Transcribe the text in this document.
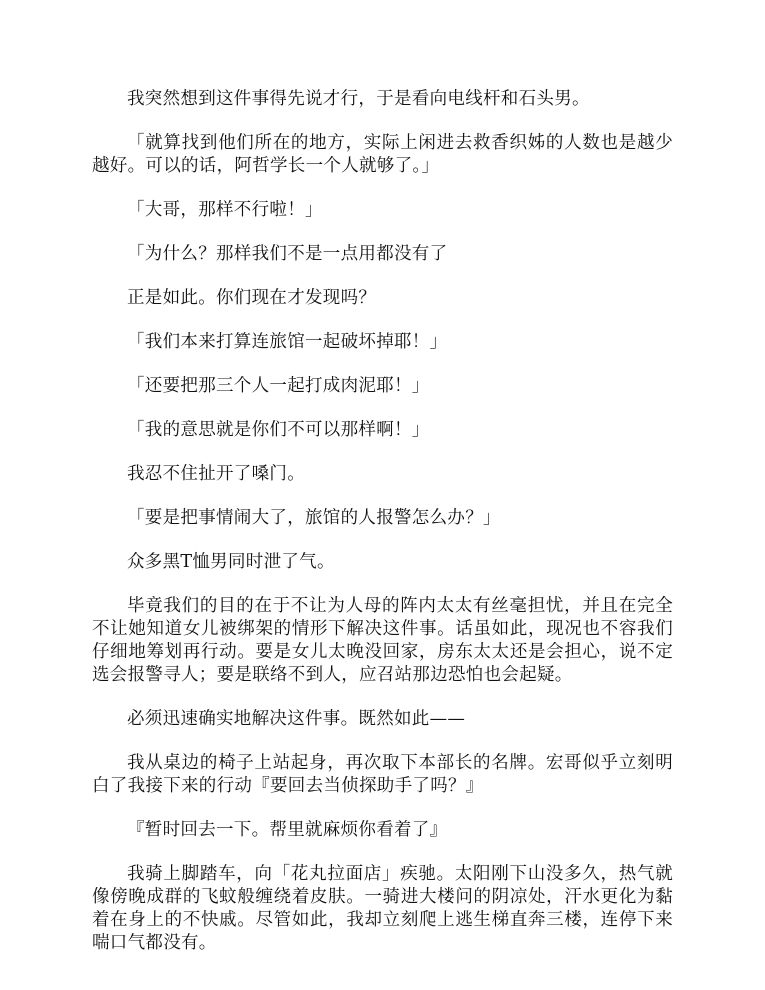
我突然想到这件事得先说才行，于是看向电线杆和石头男。

「就算找到他们所在的地方，实际上闲进去救香织姊的人数也是越少越好。可以的话，阿哲学长一个人就够了。」

「大哥，那样不行啦！」

「为什么？那样我们不是一点用都没有了

正是如此。你们现在才发现吗？

「我们本来打算连旅馆一起破坏掉耶！」

「还要把那三个人一起打成肉泥耶！」

「我的意思就是你们不可以那样啊！」

我忍不住扯开了嗓门。

「要是把事情闹大了，旅馆的人报警怎么办？」

众多黑T恤男同时泄了气。

毕竟我们的目的在于不让为人母的阵内太太有丝毫担忧，并且在完全不让她知道女儿被绑架的情形下解决这件事。话虽如此，现况也不容我们仔细地筹划再行动。要是女儿太晚没回家，房东太太还是会担心，说不定选会报警寻人；要是联络不到人，应召站那边恐怕也会起疑。

必须迅速确实地解决这件事。既然如此——

我从桌边的椅子上站起身，再次取下本部长的名牌。宏哥似乎立刻明白了我接下来的行动『要回去当侦探助手了吗？』

『暂时回去一下。帮里就麻烦你看着了』

我骑上脚踏车，向「花丸拉面店」疾驰。太阳刚下山没多久，热气就像傍晚成群的飞蚊般缠绕着皮肤。一骑进大楼问的阴凉处，汗水更化为黏着在身上的不快戚。尽管如此，我却立刻爬上逃生梯直奔三楼，连停下来喘口气都没有。
